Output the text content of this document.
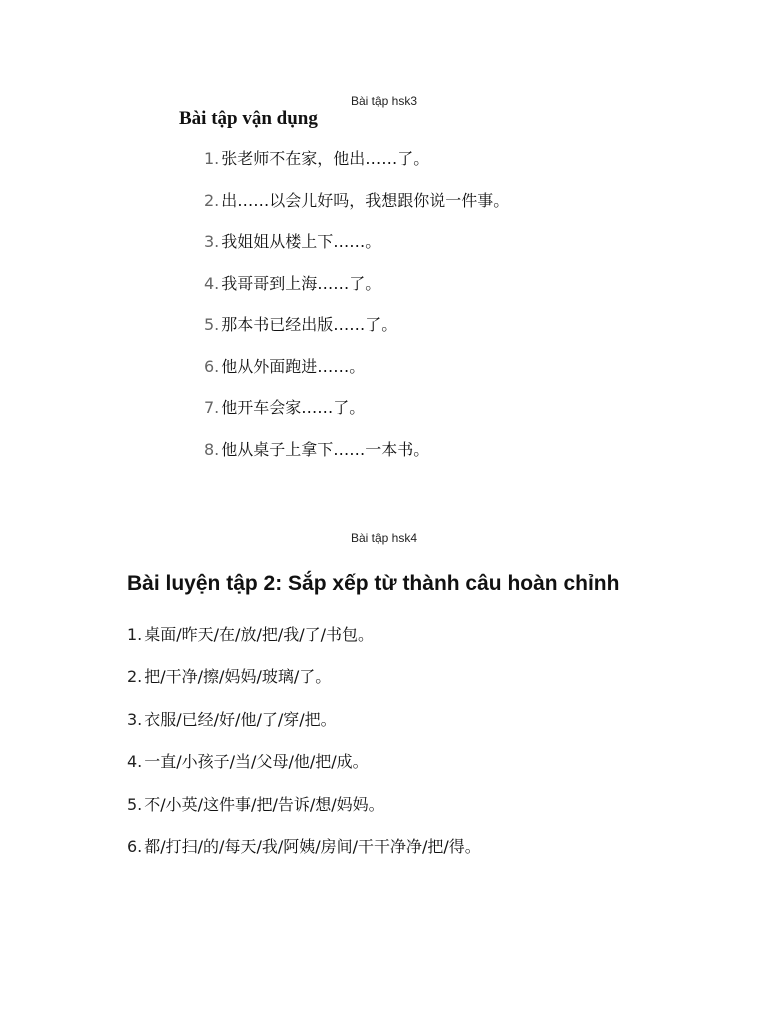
Bài tập hsk3
Bài tập vận dụng
1. 张老师不在家，他出……了。
2. 出……以会儿好吗，我想跟你说一件事。
3. 我姐姐从楼上下……。
4. 我哥哥到上海……了。
5. 那本书已经出版……了。
6. 他从外面跑进……。
7. 他开车会家……了。
8. 他从桌子上拿下……一本书。
Bài tập hsk4
Bài luyện tập 2: Sắp xếp từ thành câu hoàn chỉnh
1. 桌面/昨天/在/放/把/我/了/书包。
2. 把/干净/擦/妈妈/玻璃/了。
3. 衣服/已经/好/他/了/穿/把。
4. 一直/小孩子/当/父母/他/把/成。
5. 不/小英/这件事/把/告诉/想/妈妈。
6. 都/打扫/的/每天/我/阿姨/房间/干干净净/把/得。
